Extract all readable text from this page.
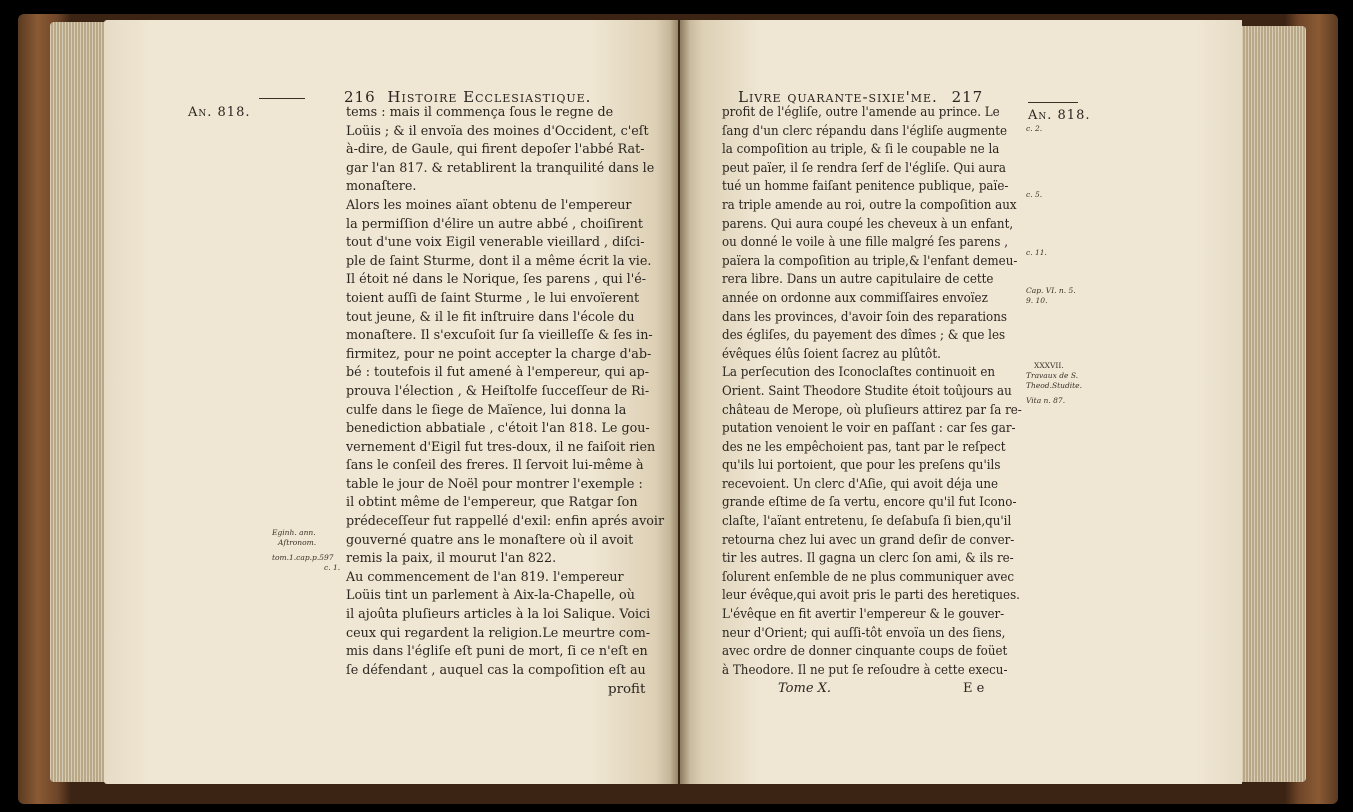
216 Histoire Ecclesiastique.
An. 818.	tems : mais il commença ſous le regne de
Loüis ; & il envoïa des moines d'Occident, c'eſt
à-dire, de Gaule, qui firent depoſer l'abbé Rat-
gar l'an 817. & retablirent la tranquilité dans le
monaſtere.
Alors les moines aïant obtenu de l'empereur
la permiſſion d'élire un autre abbé , choiſirent
tout d'une voix Eigil venerable vieillard , diſci-
ple de ſaint Sturme, dont il a même écrit la vie.
Il étoit né dans le Norique, ſes parens , qui l'é-
toient auſſi de ſaint Sturme , le lui envoïerent
tout jeune, & il le fit inſtruire dans l'école du
monaſtere. Il s'excuſoit ſur ſa vieilleſſe & ſes in-
firmitez, pour ne point accepter la charge d'ab-
bé : toutefois il fut amené à l'empereur, qui ap-
prouva l'élection , & Heiſtolfe ſucceſſeur de Ri-
culfe dans le ſiege de Maïence, lui donna la
benediction abbatiale , c'étoit l'an 818. Le gou-
vernement d'Eigil fut tres-doux, il ne faiſoit rien
ſans le conſeil des freres. Il ſervoit lui-même à
table le jour de Noël pour montrer l'exemple :
il obtint même de l'empereur, que Ratgar ſon
prédeceſſeur fut rappellé d'exil: enfin aprés avoir
gouverné quatre ans le monaſtere où il avoit
remis la paix, il mourut l'an 822.
Au commencement de l'an 819. l'empereur
Loüis tint un parlement à Aix-la-Chapelle, où
il ajoûta pluſieurs articles à la loi Salique. Voici
ceux qui regardent la religion.Le meurtre com-
mis dans l'égliſe eſt puni de mort, ſi ce n'eſt en
ſe défendant , auquel cas la compoſition eſt au
profit
Eginh. ann.
Aſtronom.
tom.1.cap.p.597
c. 1.
Livre quarante-sixie'me. 217
An. 818.
profit de l'égliſe, outre l'amende au prince. Le
ſang d'un clerc répandu dans l'égliſe augmente
la compoſition au triple, & ſi le coupable ne la
peut païer, il ſe rendra ſerf de l'égliſe. Qui aura
tué un homme faiſant penitence publique, païe-
ra triple amende au roi, outre la compoſition aux
parens. Qui aura coupé les cheveux à un enfant,
ou donné le voile à une fille malgré ſes parens ,
païera la compoſition au triple,& l'enfant demeu-
rera libre. Dans un autre capitulaire de cette
année on ordonne aux commiſſaires envoïez
dans les provinces, d'avoir ſoin des reparations
des égliſes, du payement des dîmes ; & que les
évêques élûs ſoient ſacrez au plûtôt.
La perſecution des Iconoclaſtes continuoit en
Orient. Saint Theodore Studite étoit toûjours au
château de Merope, où pluſieurs attirez par ſa re-
putation venoient le voir en paſſant : car ſes gar-
des ne les empêchoient pas, tant par le reſpect
qu'ils lui portoient, que pour les preſens qu'ils
recevoient. Un clerc d'Aſie, qui avoit déja une
grande eſtime de ſa vertu, encore qu'il fut Icono-
claſte, l'aïant entretenu, ſe deſabuſa ſi bien,qu'il
retourna chez lui avec un grand deſir de conver-
tir les autres. Il gagna un clerc ſon ami, & ils re-
ſolurent enſemble de ne plus communiquer avec
leur évêque,qui avoit pris le parti des heretiques.
L'évêque en fit avertir l'empereur & le gouver-
neur d'Orient; qui auſſi-tôt envoïa un des ſiens,
avec ordre de donner cinquante coups de foüet
à Theodore. Il ne put ſe reſoudre à cette execu-
Tome X.	E e
c. 2.
c. 5.
c. 11.
Cap. VI. n. 5.
9. 10.
XXXVII.
Travaux de S.
Theod.Studite.
Vita n. 87.
